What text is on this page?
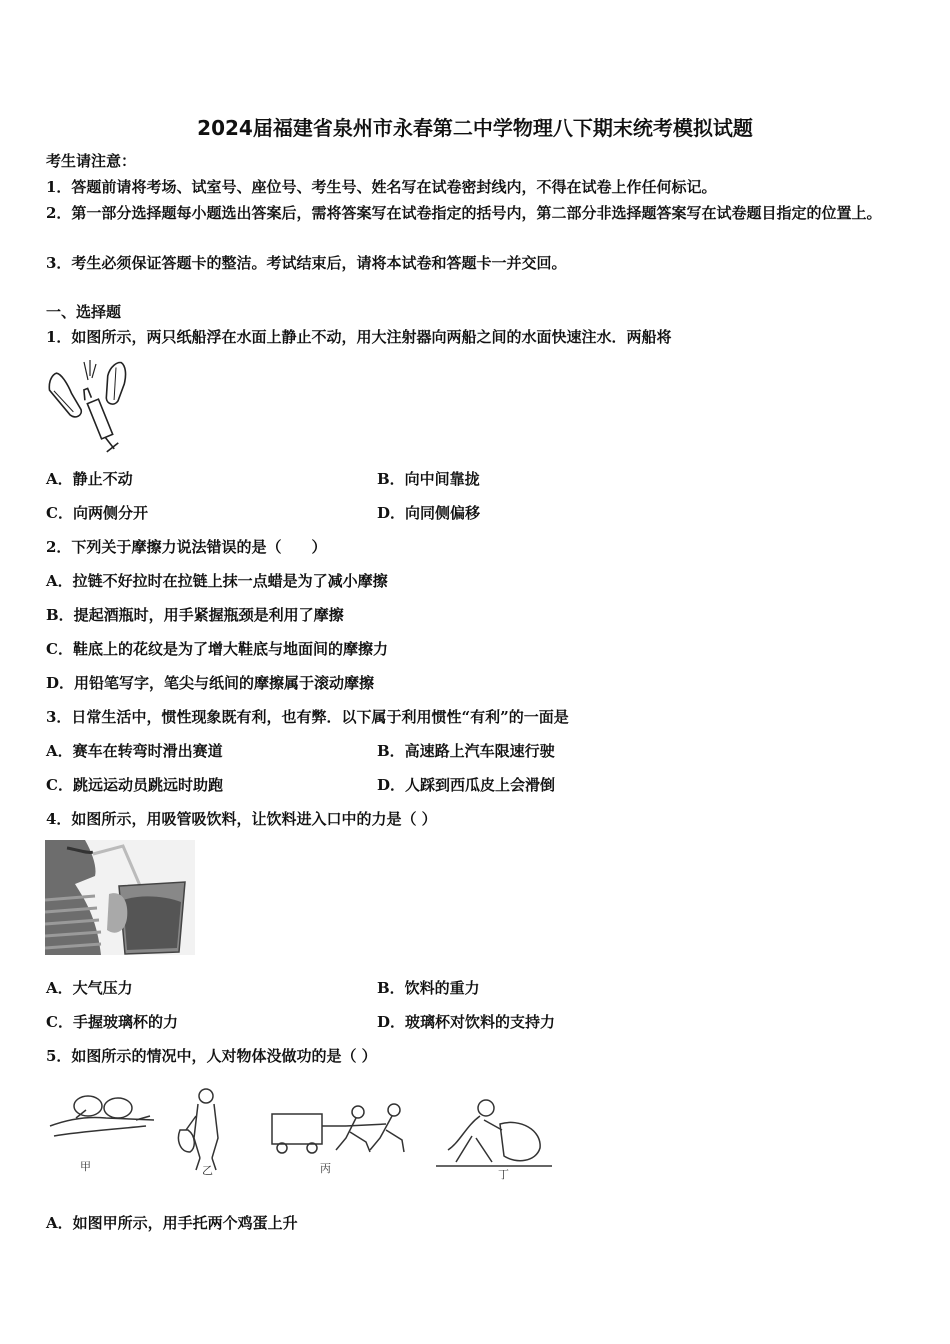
2024届福建省泉州市永春第二中学物理八下期末统考模拟试题
考生请注意：
1．答题前请将考场、试室号、座位号、考生号、姓名写在试卷密封线内，不得在试卷上作任何标记。
2．第一部分选择题每小题选出答案后，需将答案写在试卷指定的括号内，第二部分非选择题答案写在试卷题目指定的位置上。
3．考生必须保证答题卡的整洁。考试结束后，请将本试卷和答题卡一并交回。
一、选择题
1．如图所示，两只纸船浮在水面上静止不动，用大注射器向两船之间的水面快速注水．两船将
A．静止不动	B．向中间靠拢
C．向两侧分开	D．向同侧偏移
2．下列关于摩擦力说法错误的是（　　）
A．拉链不好拉时在拉链上抹一点蜡是为了减小摩擦
B．提起酒瓶时，用手紧握瓶颈是利用了摩擦
C．鞋底上的花纹是为了增大鞋底与地面间的摩擦力
D．用铅笔写字，笔尖与纸间的摩擦属于滚动摩擦
3．日常生活中，惯性现象既有利，也有弊．以下属于利用惯性“有利”的一面是
A．赛车在转弯时滑出赛道	B．高速路上汽车限速行驶
C．跳远运动员跳远时助跑	D．人踩到西瓜皮上会滑倒
4．如图所示，用吸管吸饮料，让饮料进入口中的力是（ ）
A．大气压力	B．饮料的重力
C．手握玻璃杯的力	D．玻璃杯对饮料的支持力
5．如图所示的情况中，人对物体没做功的是（ ）
甲	乙	丙	丁
A．如图甲所示，用手托两个鸡蛋上升
